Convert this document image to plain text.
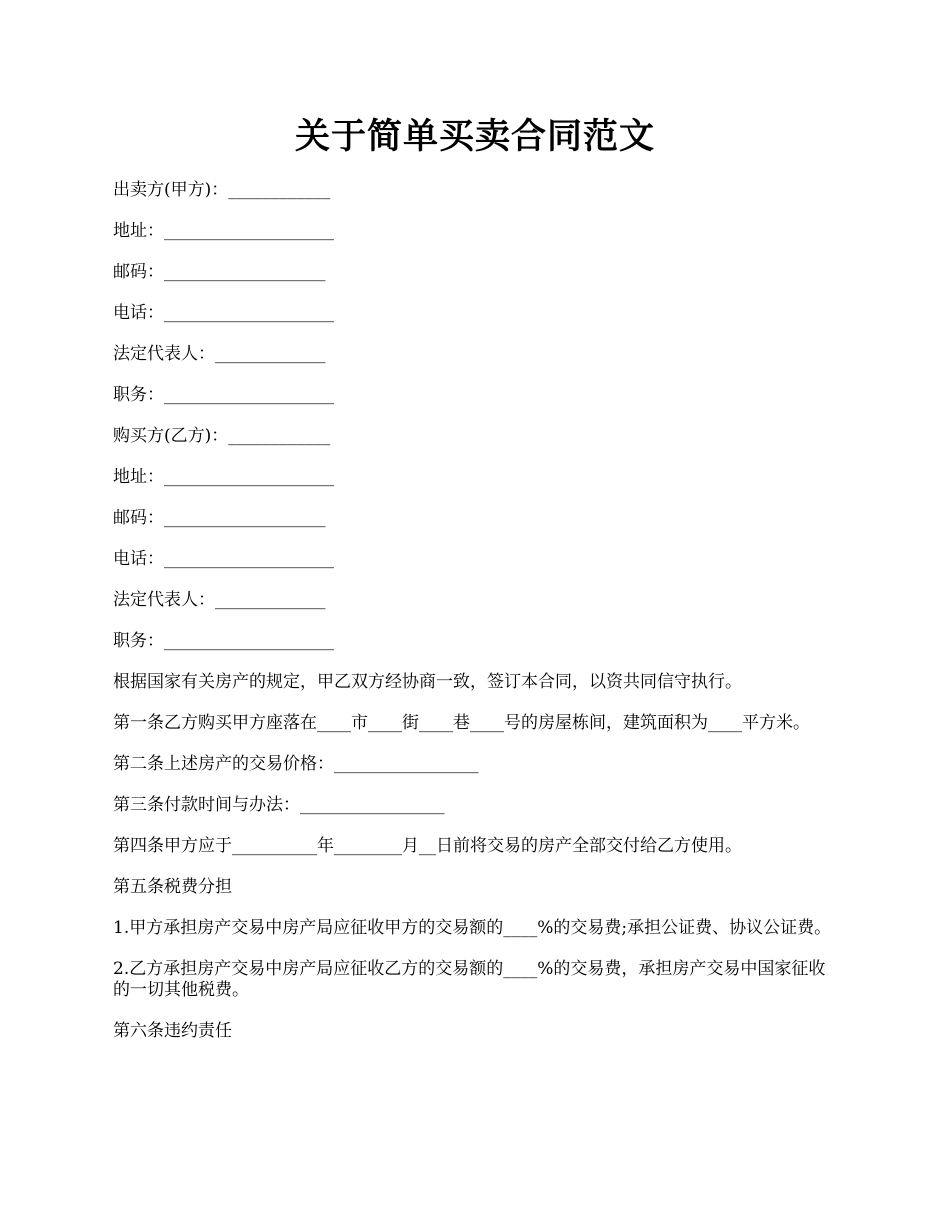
关于简单买卖合同范文

出卖方(甲方)：____________

地址：____________________

邮码：___________________

电话：____________________

法定代表人：_____________

职务：____________________

购买方(乙方)：____________

地址：____________________

邮码：___________________

电话：____________________

法定代表人：_____________

职务：____________________

根据国家有关房产的规定，甲乙双方经协商一致，签订本合同，以资共同信守执行。

第一条乙方购买甲方座落在____市____街____巷____号的房屋栋间，建筑面积为____平方米。

第二条上述房产的交易价格：_________________

第三条付款时间与办法：_________________

第四条甲方应于__________年________月__日前将交易的房产全部交付给乙方使用。

第五条税费分担

1.甲方承担房产交易中房产局应征收甲方的交易额的____%的交易费;承担公证费、协议公证费。

2.乙方承担房产交易中房产局应征收乙方的交易额的____%的交易费，承担房产交易中国家征收的一切其他税费。

第六条违约责任
